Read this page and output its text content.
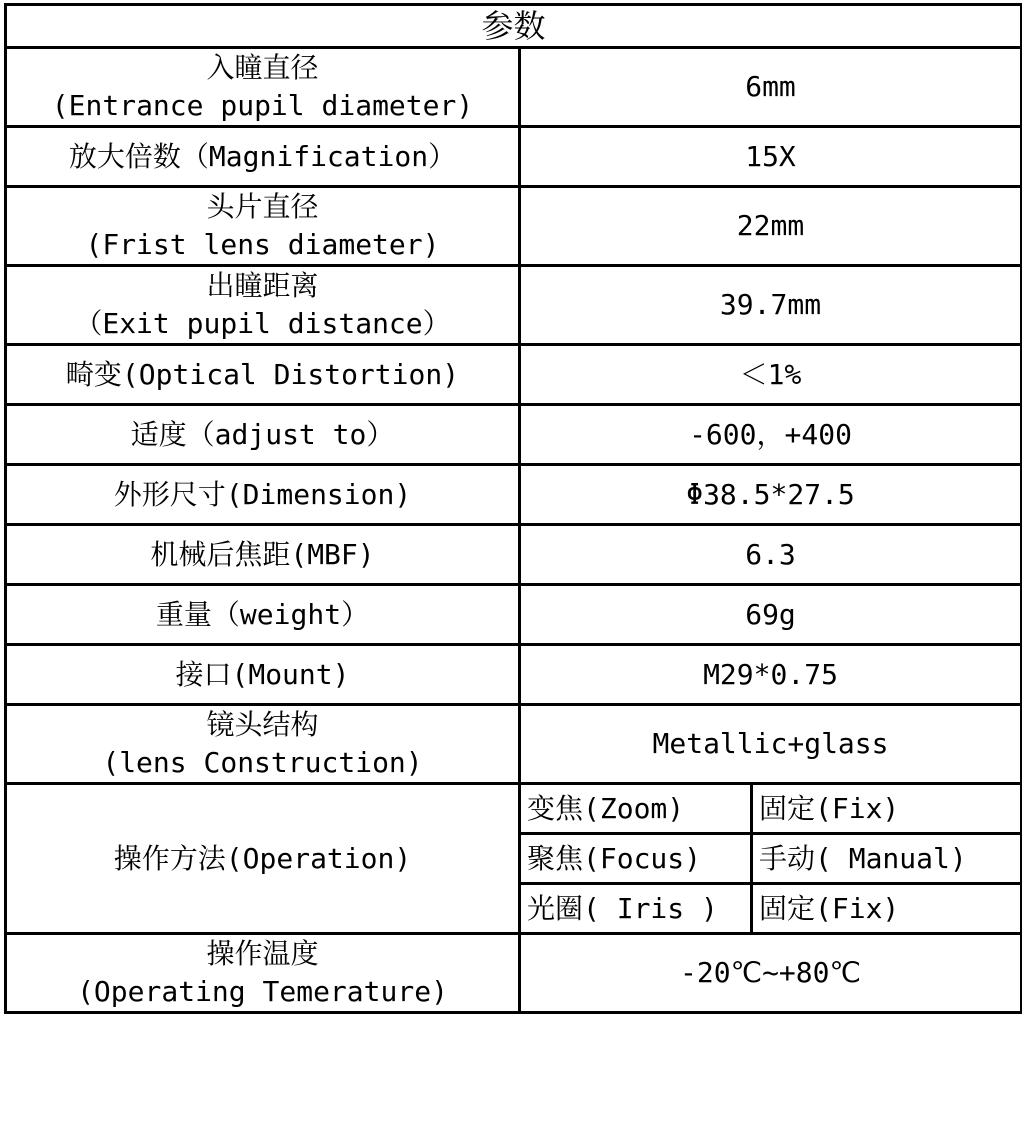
参数		

入瞳直径
(Entrance pupil diameter)	6mm	
放大倍数（Magnification）	15X	

头片直径
(Frist lens diameter)	22mm	

出瞳距离
（Exit pupil distance）	39.7mm	
畸变(Optical Distortion)	＜1%	
适度（adjust to）	-600，+400	
外形尺寸(Dimension)	Φ38.5*27.5	
机械后焦距(MBF)	6.3	
重量（weight）	69g	
接口(Mount)	M29*0.75	

镜头结构
(lens Construction)	Metallic+glass	
操作方法(Operation)	变焦(Zoom)	固定(Fix)
	聚焦(Focus)	手动( Manual)
	光圈( Iris )	固定(Fix)

操作温度
(Operating Temerature)	-20℃~+80℃	
